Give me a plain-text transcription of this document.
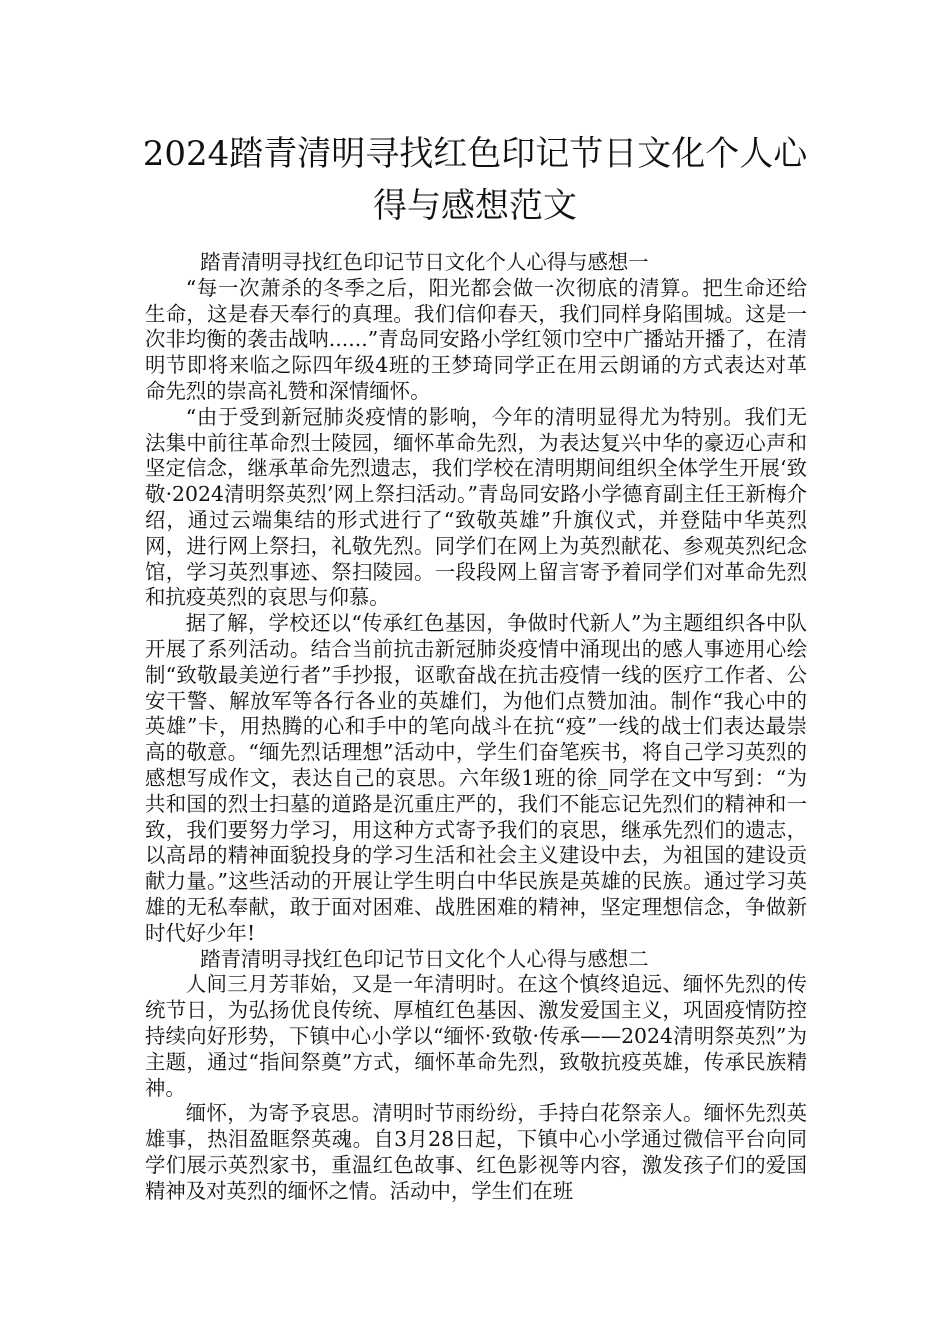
2024踏青清明寻找红色印记节日文化个人心得与感想范文

踏青清明寻找红色印记节日文化个人心得与感想一

“每一次萧杀的冬季之后，阳光都会做一次彻底的清算。把生命还给生命，这是春天奉行的真理。我们信仰春天，我们同样身陷围城。这是一次非均衡的袭击战呐......”青岛同安路小学红领巾空中广播站开播了，在清明节即将来临之际四年级4班的王梦琦同学正在用云朗诵的方式表达对革命先烈的崇高礼赞和深情缅怀。

“由于受到新冠肺炎疫情的影响，今年的清明显得尤为特别。我们无法集中前往革命烈士陵园，缅怀革命先烈，为表达复兴中华的豪迈心声和坚定信念，继承革命先烈遗志，我们学校在清明期间组织全体学生开展‘致敬·2024清明祭英烈’网上祭扫活动。”青岛同安路小学德育副主任王新梅介绍，通过云端集结的形式进行了“致敬英雄”升旗仪式，并登陆中华英烈网，进行网上祭扫，礼敬先烈。同学们在网上为英烈献花、参观英烈纪念馆，学习英烈事迹、祭扫陵园。一段段网上留言寄予着同学们对革命先烈和抗疫英烈的哀思与仰慕。

据了解，学校还以“传承红色基因，争做时代新人”为主题组织各中队开展了系列活动。结合当前抗击新冠肺炎疫情中涌现出的感人事迹用心绘制“致敬最美逆行者”手抄报，讴歌奋战在抗击疫情一线的医疗工作者、公安干警、解放军等各行各业的英雄们，为他们点赞加油。制作“我心中的英雄”卡，用热腾的心和手中的笔向战斗在抗“疫”一线的战士们表达最崇高的敬意。“缅先烈话理想”活动中，学生们奋笔疾书，将自己学习英烈的感想写成作文，表达自己的哀思。六年级1班的徐_同学在文中写到：“为共和国的烈士扫墓的道路是沉重庄严的，我们不能忘记先烈们的精神和一致，我们要努力学习，用这种方式寄予我们的哀思，继承先烈们的遗志，以高昂的精神面貌投身的学习生活和社会主义建设中去，为祖国的建设贡献力量。”这些活动的开展让学生明白中华民族是英雄的民族。通过学习英雄的无私奉献，敢于面对困难、战胜困难的精神，坚定理想信念，争做新时代好少年!

踏青清明寻找红色印记节日文化个人心得与感想二

人间三月芳菲始，又是一年清明时。在这个慎终追远、缅怀先烈的传统节日，为弘扬优良传统、厚植红色基因、激发爱国主义，巩固疫情防控持续向好形势，下镇中心小学以“缅怀·致敬·传承——2024清明祭英烈”为主题，通过“指间祭奠”方式，缅怀革命先烈，致敬抗疫英雄，传承民族精神。

缅怀，为寄予哀思。清明时节雨纷纷，手持白花祭亲人。缅怀先烈英雄事，热泪盈眶祭英魂。自3月28日起，下镇中心小学通过微信平台向同学们展示英烈家书，重温红色故事、红色影视等内容，激发孩子们的爱国精神及对英烈的缅怀之情。活动中，学生们在班
